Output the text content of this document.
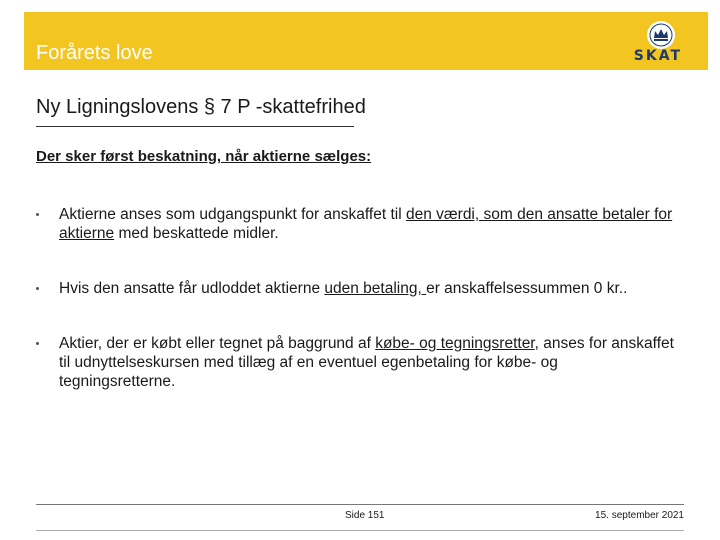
Forårets love	SKAT
Ny Ligningslovens § 7 P -skattefrihed
Der sker først beskatning, når aktierne sælges:
Aktierne anses som udgangspunkt for anskaffet til den værdi, som den ansatte betaler for aktierne med beskattede midler.
Hvis den ansatte får udloddet aktierne uden betaling, er anskaffelsessummen 0 kr..
Aktier, der er købt eller tegnet på baggrund af købe- og tegningsretter, anses for anskaffet til udnyttelseskursen med tillæg af en eventuel egenbetaling for købe- og tegningsretterne.
Side 151	15. september 2021
